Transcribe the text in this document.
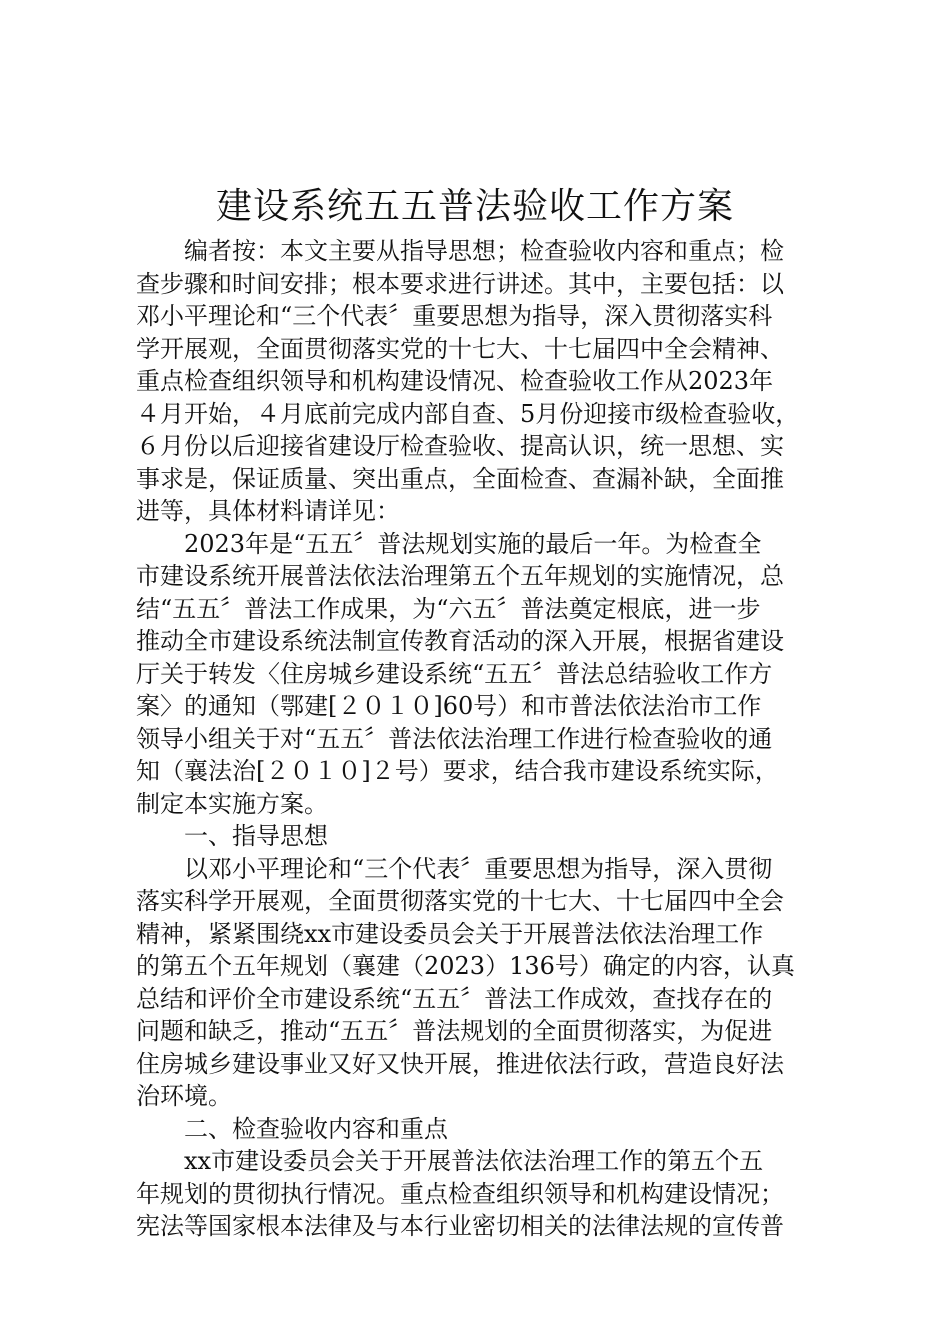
建设系统五五普法验收工作方案
　　编者按：本文主要从指导思想；检查验收内容和重点；检
查步骤和时间安排；根本要求进行讲述。其中，主要包括：以
邓小平理论和“三个代表〞重要思想为指导，深入贯彻落实科
学开展观，全面贯彻落实党的十七大、十七届四中全会精神、
重点检查组织领导和机构建设情况、检查验收工作从2023年
４月开始，４月底前完成内部自查、5月份迎接市级检查验收，
６月份以后迎接省建设厅检查验收、提高认识，统一思想、实
事求是，保证质量、突出重点，全面检查、查漏补缺，全面推
进等，具体材料请详见：
　　2023年是“五五〞普法规划实施的最后一年。为检查全
市建设系统开展普法依法治理第五个五年规划的实施情况，总
结“五五〞普法工作成果，为“六五〞普法奠定根底，进一步
推动全市建设系统法制宣传教育活动的深入开展，根据省建设
厅关于转发〈住房城乡建设系统“五五〞普法总结验收工作方
案〉的通知（鄂建[２０１０]60号）和市普法依法治市工作
领导小组关于对“五五〞普法依法治理工作进行检查验收的通
知（襄法治[２０１０]２号）要求，结合我市建设系统实际，
制定本实施方案。
　　一、指导思想
　　以邓小平理论和“三个代表〞重要思想为指导，深入贯彻
落实科学开展观，全面贯彻落实党的十七大、十七届四中全会
精神，紧紧围绕xx市建设委员会关于开展普法依法治理工作
的第五个五年规划（襄建（2023）136号）确定的内容，认真
总结和评价全市建设系统“五五〞普法工作成效，查找存在的
问题和缺乏，推动“五五〞普法规划的全面贯彻落实，为促进
住房城乡建设事业又好又快开展，推进依法行政，营造良好法
治环境。
　　二、检查验收内容和重点
　　xx市建设委员会关于开展普法依法治理工作的第五个五
年规划的贯彻执行情况。重点检查组织领导和机构建设情况；
宪法等国家根本法律及与本行业密切相关的法律法规的宣传普
